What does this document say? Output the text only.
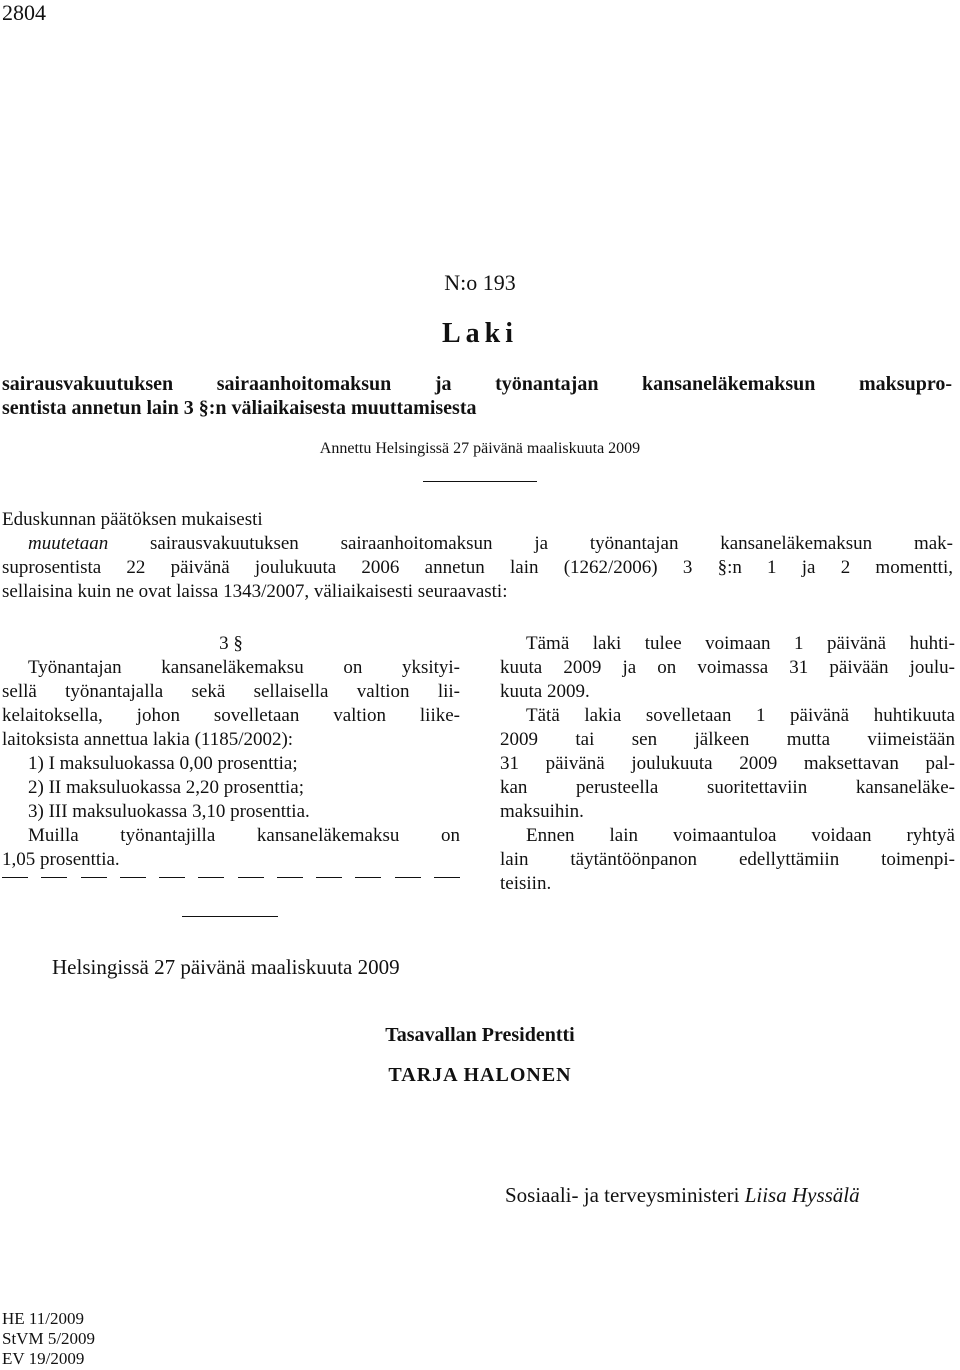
2804
N:o 193
Laki
sairausvakuutuksen sairaanhoitomaksun ja työnantajan kansaneläkemaksun maksupro-
sentista annetun lain 3 §:n väliaikaisesta muuttamisesta
Annettu Helsingissä 27 päivänä maaliskuuta 2009
Eduskunnan päätöksen mukaisesti
muutetaan sairausvakuutuksen sairaanhoitomaksun ja työnantajan kansaneläkemaksun mak-
suprosentista 22 päivänä joulukuuta 2006 annetun lain (1262/2006) 3 §:n 1 ja 2 momentti,
sellaisina kuin ne ovat laissa 1343/2007, väliaikaisesti seuraavasti:
3 §
Työnantajan kansaneläkemaksu on yksityi-
sellä työnantajalla sekä sellaisella valtion lii-
kelaitoksella, johon sovelletaan valtion liike-
laitoksista annettua lakia (1185/2002):
1) I maksuluokassa 0,00 prosenttia;
2) II maksuluokassa 2,20 prosenttia;
3) III maksuluokassa 3,10 prosenttia.
Muilla työnantajilla kansaneläkemaksu on
1,05 prosenttia.
Tämä laki tulee voimaan 1 päivänä huhti-
kuuta 2009 ja on voimassa 31 päivään joulu-
kuuta 2009.
Tätä lakia sovelletaan 1 päivänä huhtikuuta
2009 tai sen jälkeen mutta viimeistään
31 päivänä joulukuuta 2009 maksettavan pal-
kan perusteella suoritettaviin kansaneläke-
maksuihin.
Ennen lain voimaantuloa voidaan ryhtyä
lain täytäntöönpanon edellyttämiin toimenpi-
teisiin.
Helsingissä 27 päivänä maaliskuuta 2009
Tasavallan Presidentti
TARJA HALONEN
Sosiaali- ja terveysministeri Liisa Hyssälä
HE 11/2009
StVM 5/2009
EV 19/2009
